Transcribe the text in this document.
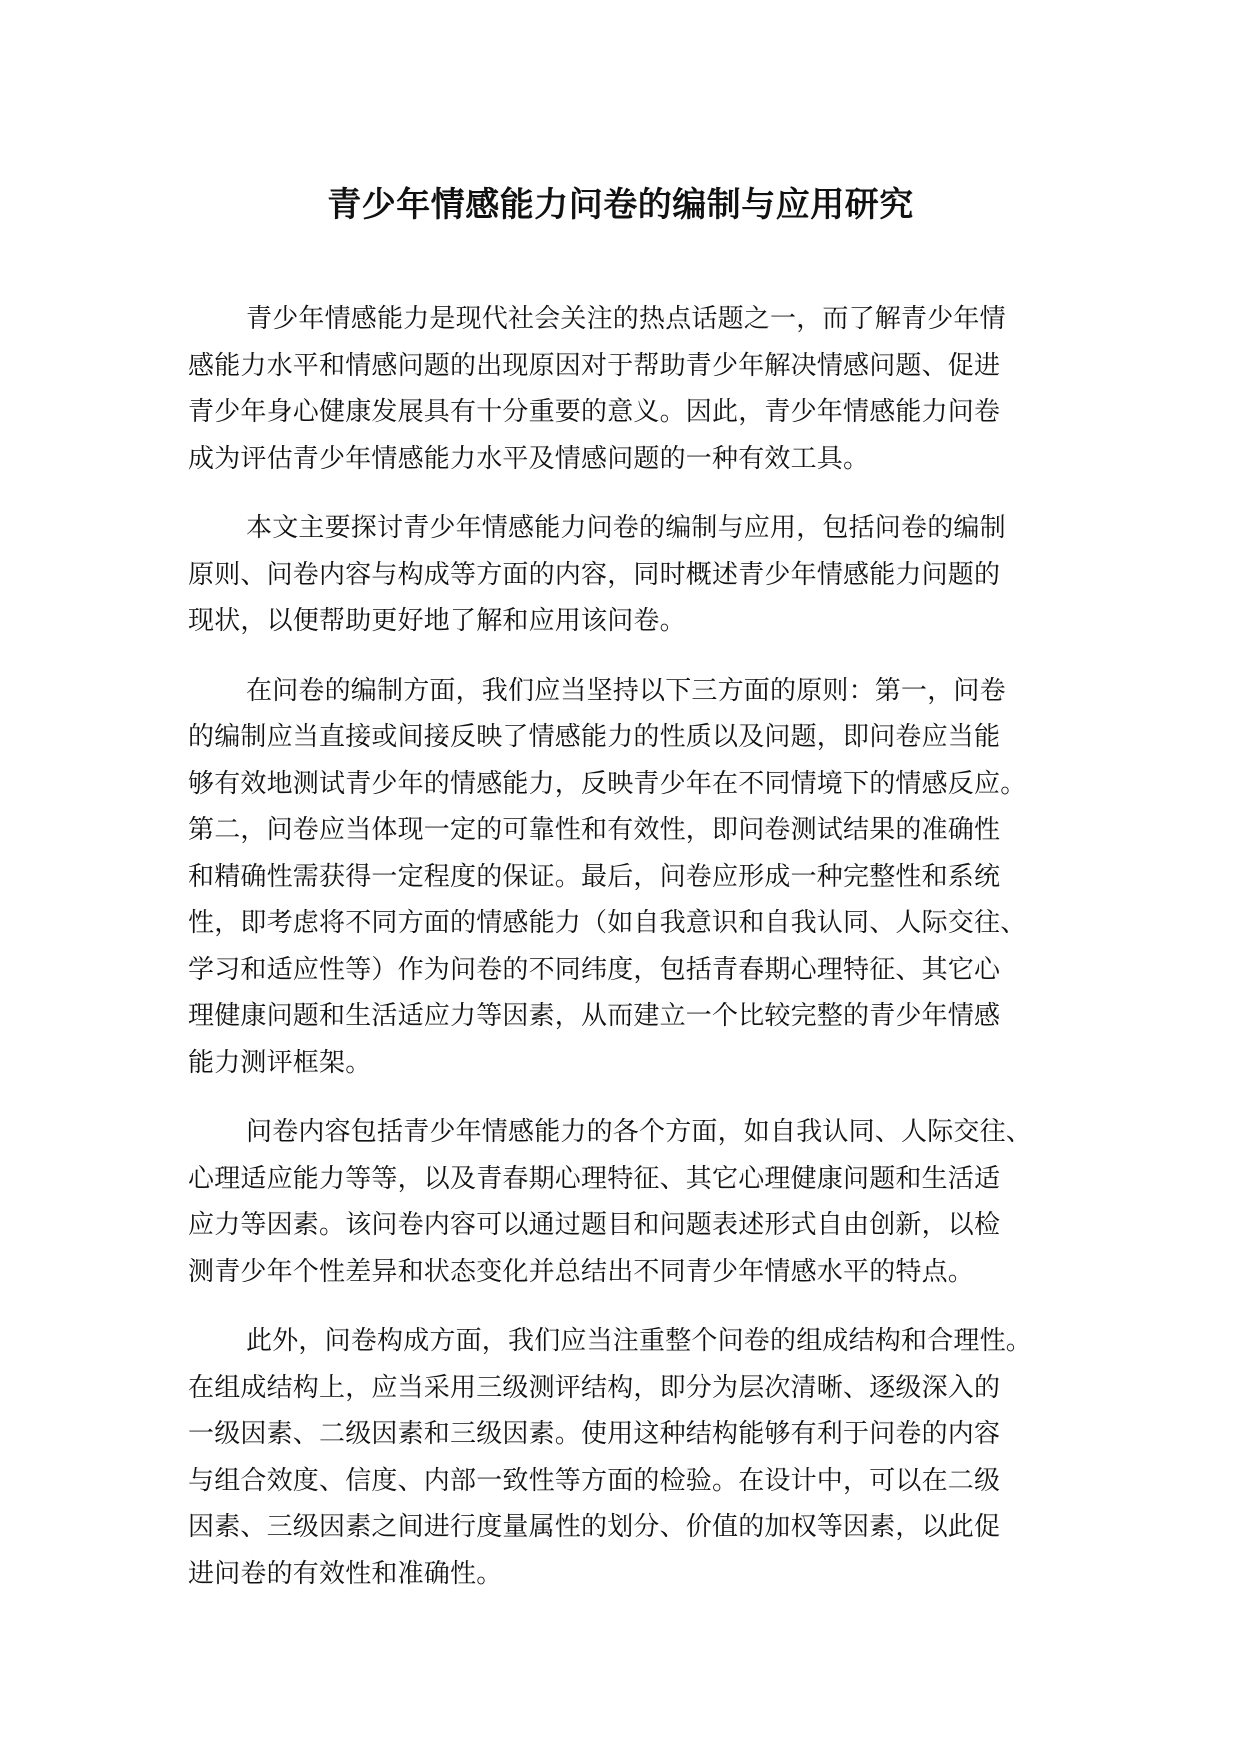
青少年情感能力问卷的编制与应用研究
青少年情感能力是现代社会关注的热点话题之一，而了解青少年情
感能力水平和情感问题的出现原因对于帮助青少年解决情感问题、促进
青少年身心健康发展具有十分重要的意义。因此，青少年情感能力问卷
成为评估青少年情感能力水平及情感问题的一种有效工具。
本文主要探讨青少年情感能力问卷的编制与应用，包括问卷的编制
原则、问卷内容与构成等方面的内容，同时概述青少年情感能力问题的
现状，以便帮助更好地了解和应用该问卷。
在问卷的编制方面，我们应当坚持以下三方面的原则：第一，问卷
的编制应当直接或间接反映了情感能力的性质以及问题，即问卷应当能
够有效地测试青少年的情感能力，反映青少年在不同情境下的情感反应。
第二，问卷应当体现一定的可靠性和有效性，即问卷测试结果的准确性
和精确性需获得一定程度的保证。最后，问卷应形成一种完整性和系统
性，即考虑将不同方面的情感能力（如自我意识和自我认同、人际交往、
学习和适应性等）作为问卷的不同纬度，包括青春期心理特征、其它心
理健康问题和生活适应力等因素，从而建立一个比较完整的青少年情感
能力测评框架。
问卷内容包括青少年情感能力的各个方面，如自我认同、人际交往、
心理适应能力等等，以及青春期心理特征、其它心理健康问题和生活适
应力等因素。该问卷内容可以通过题目和问题表述形式自由创新，以检
测青少年个性差异和状态变化并总结出不同青少年情感水平的特点。
此外，问卷构成方面，我们应当注重整个问卷的组成结构和合理性。
在组成结构上，应当采用三级测评结构，即分为层次清晰、逐级深入的
一级因素、二级因素和三级因素。使用这种结构能够有利于问卷的内容
与组合效度、信度、内部一致性等方面的检验。在设计中，可以在二级
因素、三级因素之间进行度量属性的划分、价值的加权等因素，以此促
进问卷的有效性和准确性。
